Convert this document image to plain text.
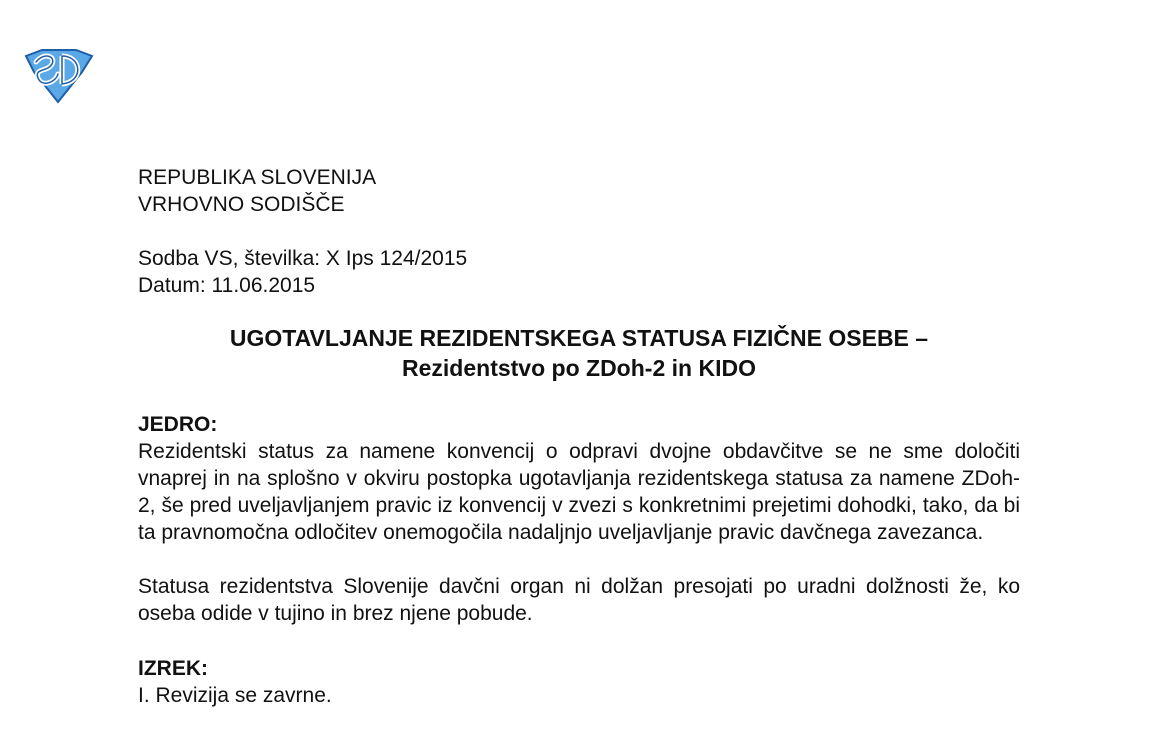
REPUBLIKA SLOVENIJA
VRHOVNO SODIŠČE
Sodba VS, številka: X Ips 124/2015
Datum: 11.06.2015
UGOTAVLJANJE REZIDENTSKEGA STATUSA FIZIČNE OSEBE –
Rezidentstvo po ZDoh-2 in KIDO
JEDRO:
Rezidentski status za namene konvencij o odpravi dvojne obdavčitve se ne sme določiti vnaprej in na splošno v okviru postopka ugotavljanja rezidentskega statusa za namene ZDoh-2, še pred uveljavljanjem pravic iz konvencij v zvezi s konkretnimi prejetimi dohodki, tako, da bi ta pravnomočna odločitev onemogočila nadaljnjo uveljavljanje pravic davčnega zavezanca.
Statusa rezidentstva Slovenije davčni organ ni dolžan presojati po uradni dolžnosti že, ko oseba odide v tujino in brez njene pobude.
IZREK:
I. Revizija se zavrne.
